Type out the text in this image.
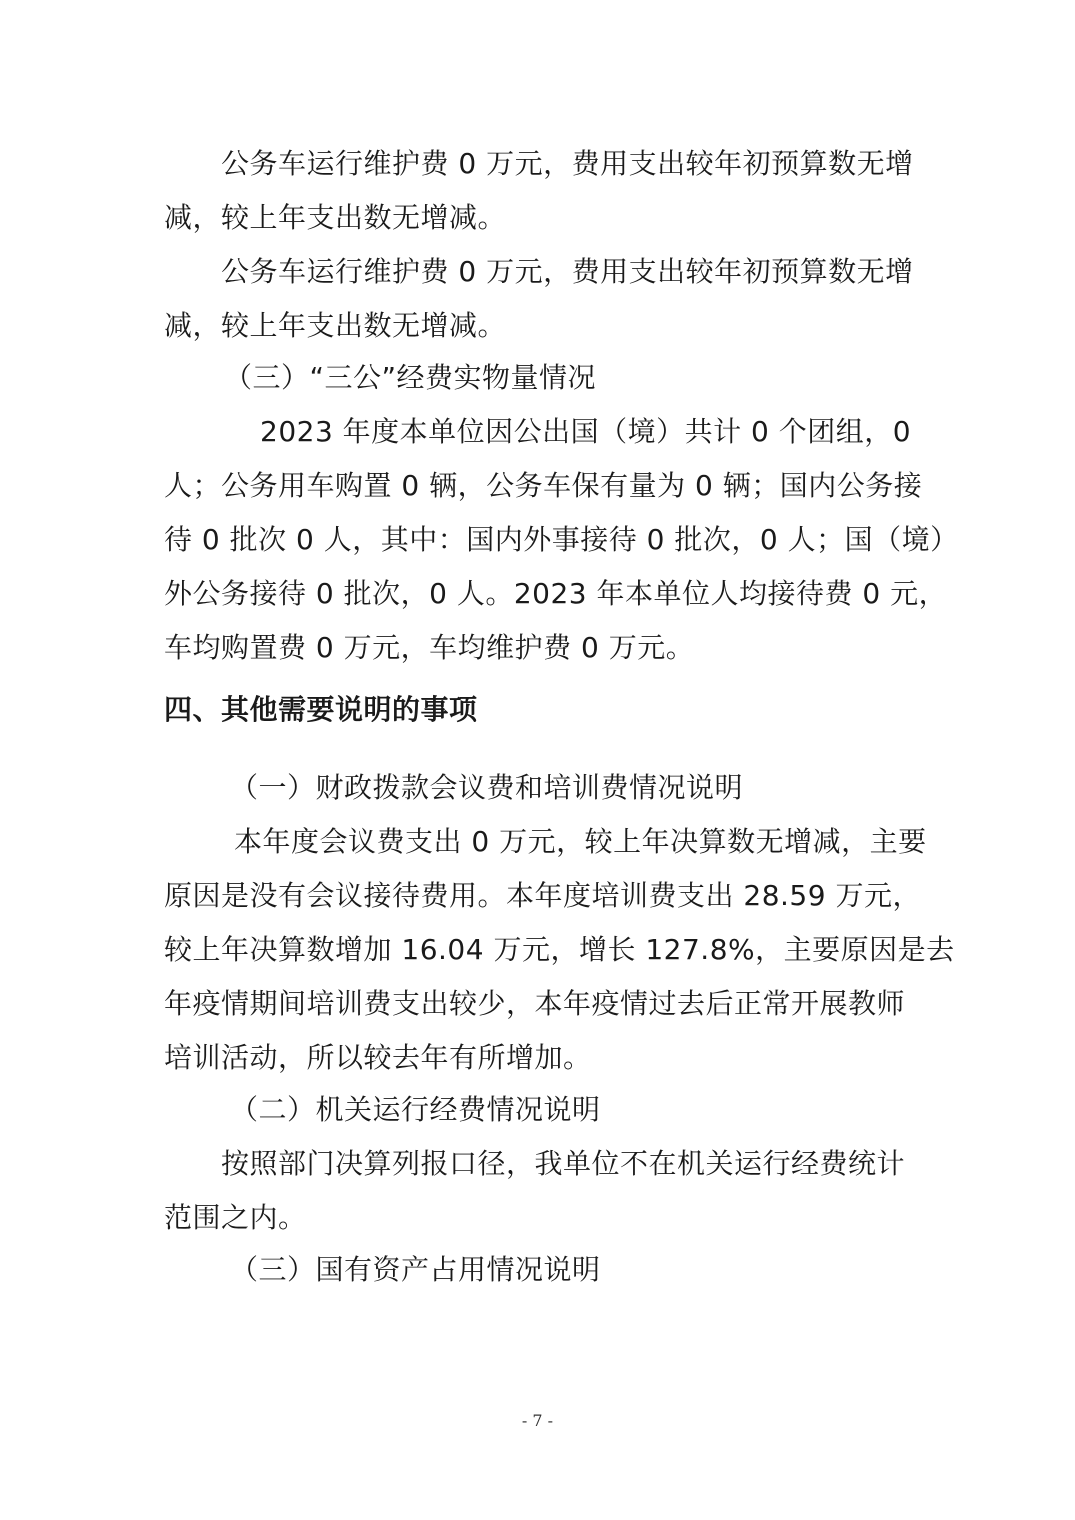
公务车运行维护费 0 万元，费用支出较年初预算数无增
减，较上年支出数无增减。
公务车运行维护费 0 万元，费用支出较年初预算数无增
减，较上年支出数无增减。
（三）“三公”经费实物量情况
2023 年度本单位因公出国（境）共计 0 个团组，0
人；公务用车购置 0 辆，公务车保有量为 0 辆；国内公务接
待 0 批次 0 人，其中：国内外事接待 0 批次，0 人；国（境）
外公务接待 0 批次，0 人。2023 年本单位人均接待费 0 元，
车均购置费 0 万元，车均维护费 0 万元。
四、其他需要说明的事项
（一）财政拨款会议费和培训费情况说明
本年度会议费支出 0 万元，较上年决算数无增减，主要
原因是没有会议接待费用。本年度培训费支出 28.59 万元，
较上年决算数增加 16.04 万元，增长 127.8%，主要原因是去
年疫情期间培训费支出较少，本年疫情过去后正常开展教师
培训活动，所以较去年有所增加。
（二）机关运行经费情况说明
按照部门决算列报口径，我单位不在机关运行经费统计
范围之内。
（三）国有资产占用情况说明
- 7 -
